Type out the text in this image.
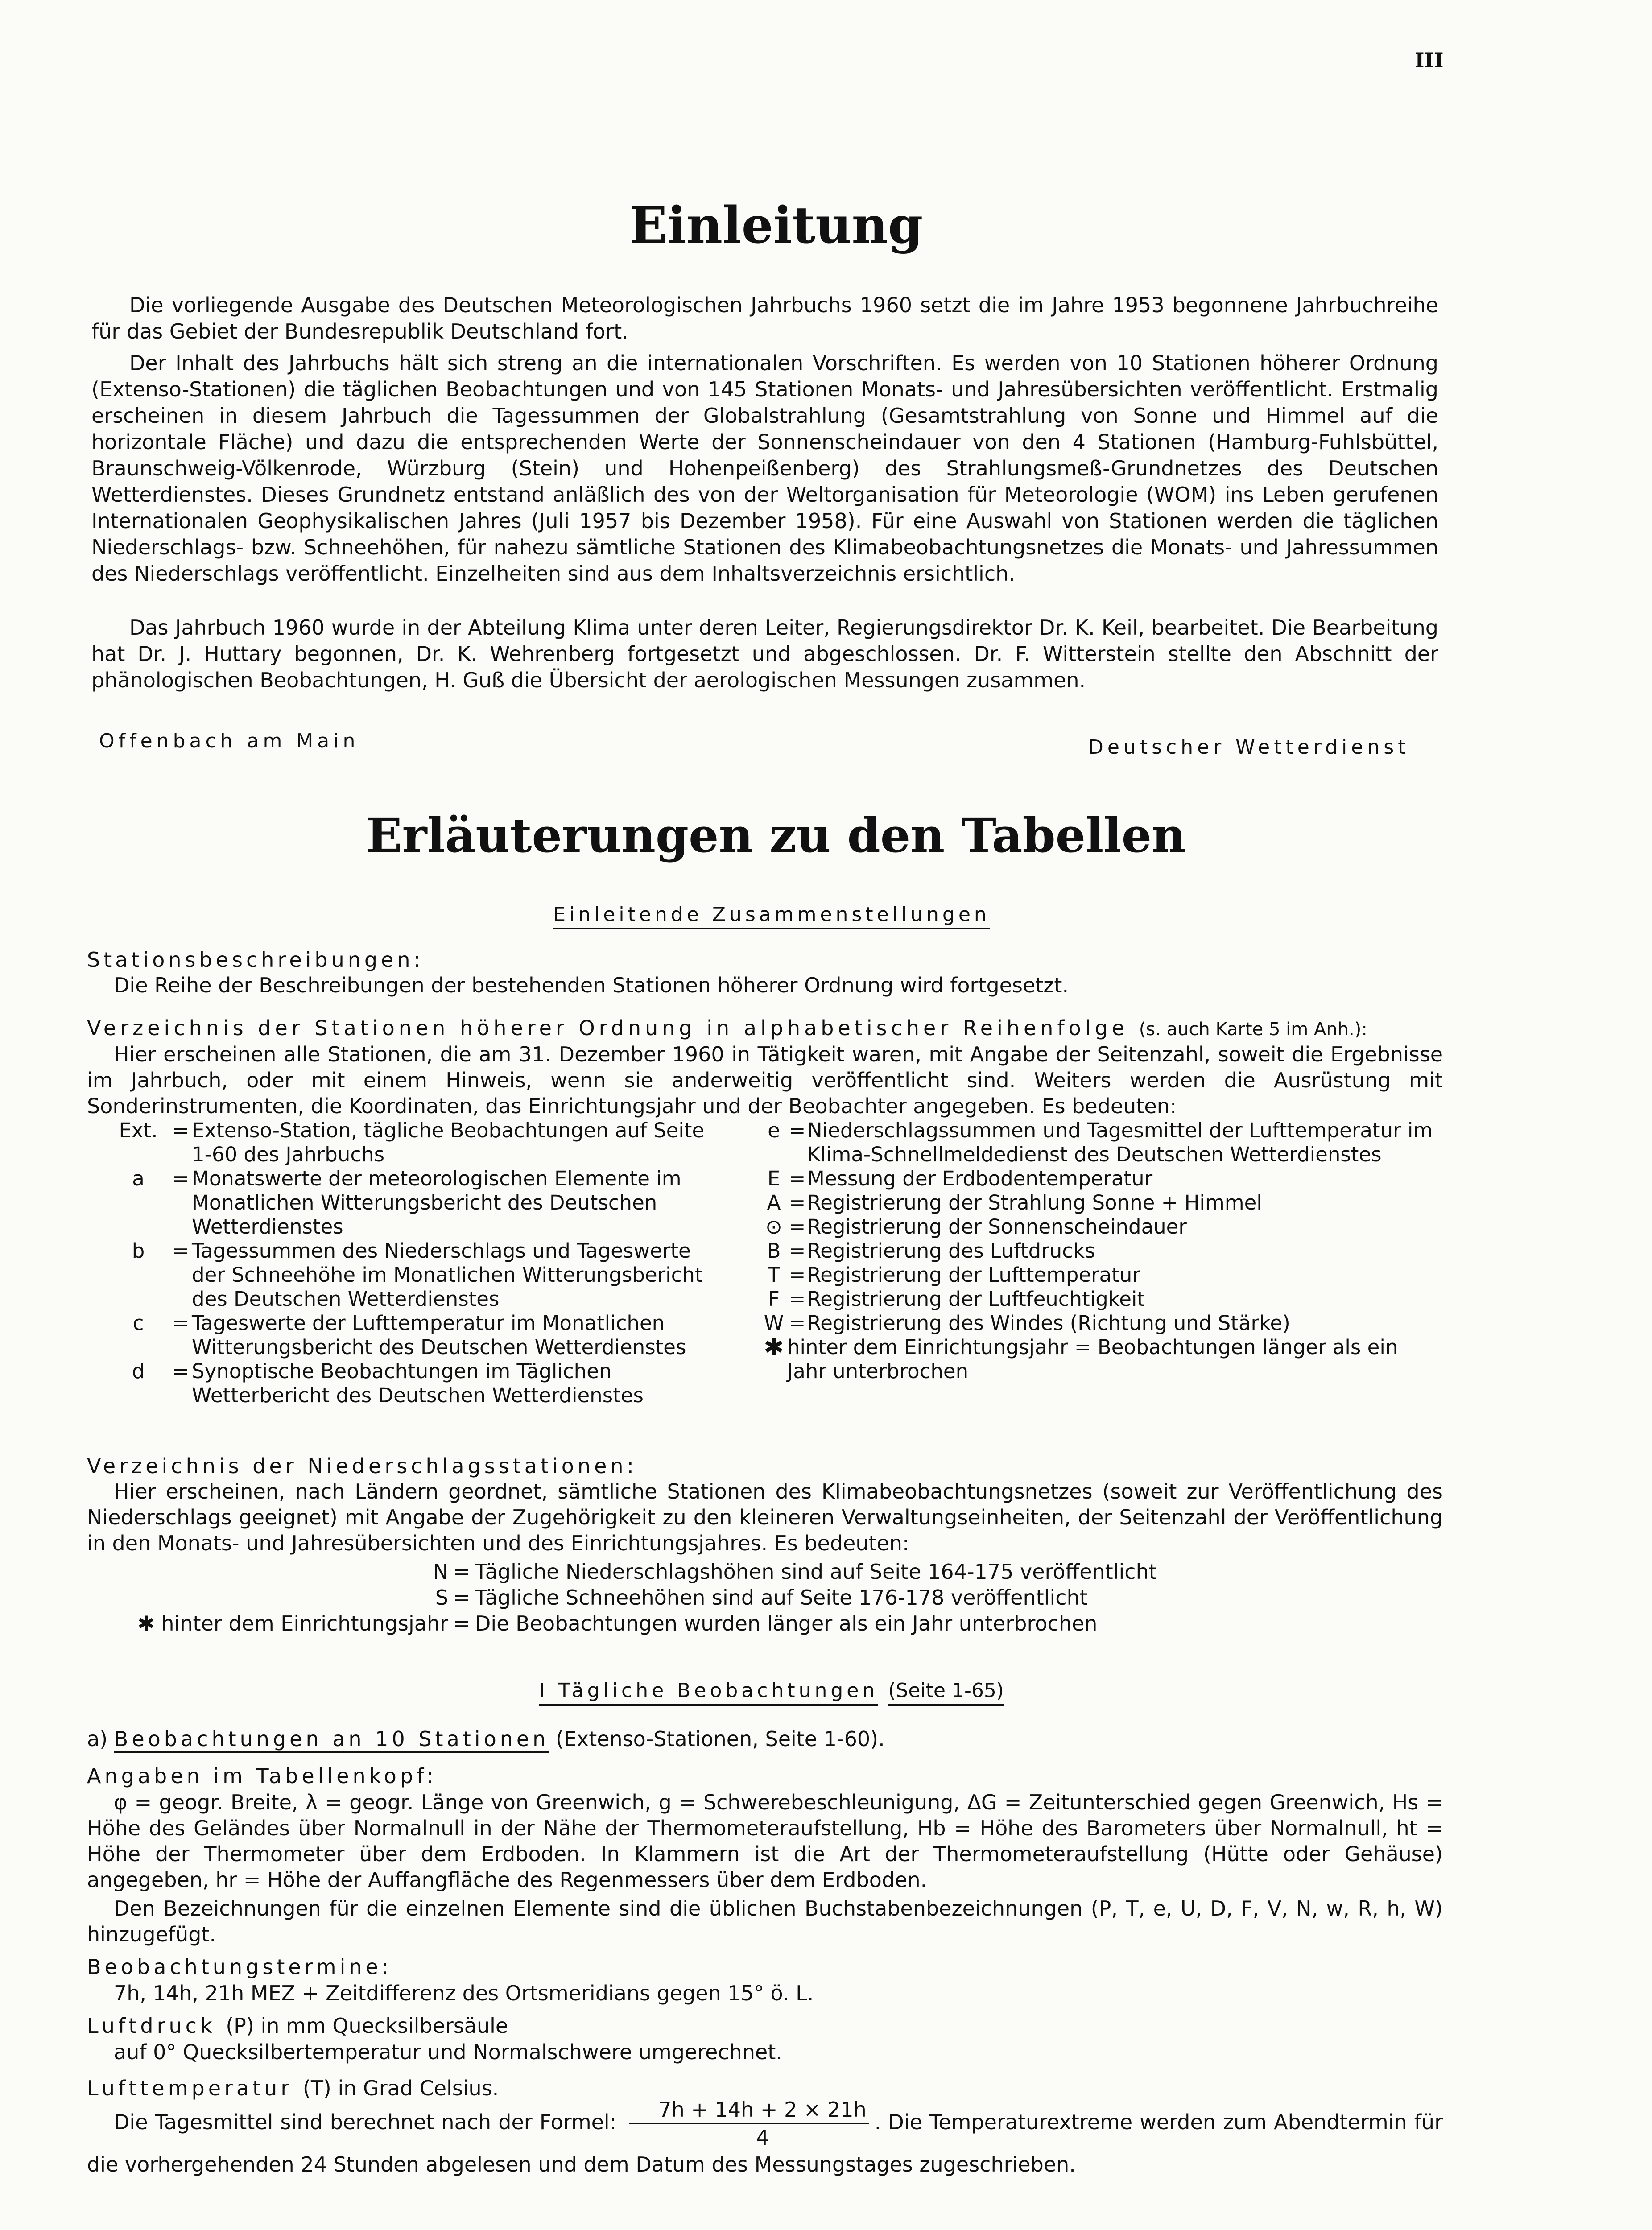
III
Einleitung
Die vorliegende Ausgabe des Deutschen Meteorologischen Jahrbuchs 1960 setzt die im Jahre 1953 begonnene Jahrbuchreihe für das Gebiet der Bundesrepublik Deutschland fort.
Der Inhalt des Jahrbuchs hält sich streng an die internationalen Vorschriften. Es werden von 10 Stationen höherer Ordnung (Extenso-Stationen) die täglichen Beobachtungen und von 145 Stationen Monats- und Jahresübersichten veröffentlicht. Erstmalig erscheinen in diesem Jahrbuch die Tagessummen der Globalstrahlung (Gesamtstrahlung von Sonne und Himmel auf die horizontale Fläche) und dazu die entsprechenden Werte der Sonnenscheindauer von den 4 Stationen (Hamburg-Fuhlsbüttel, Braunschweig-Völkenrode, Würzburg (Stein) und Hohenpeißenberg) des Strahlungsmeß-Grundnetzes des Deutschen Wetterdienstes. Dieses Grundnetz entstand anläßlich des von der Weltorganisation für Meteorologie (WOM) ins Leben gerufenen Internationalen Geophysikalischen Jahres (Juli 1957 bis Dezember 1958). Für eine Auswahl von Stationen werden die täglichen Niederschlags- bzw. Schneehöhen, für nahezu sämtliche Stationen des Klimabeobachtungsnetzes die Monats- und Jahressummen des Niederschlags veröffentlicht. Einzelheiten sind aus dem Inhaltsverzeichnis ersichtlich.
Das Jahrbuch 1960 wurde in der Abteilung Klima unter deren Leiter, Regierungsdirektor Dr. K. Keil, bearbeitet. Die Bearbeitung hat Dr. J. Huttary begonnen, Dr. K. Wehrenberg fortgesetzt und abgeschlossen. Dr. F. Witterstein stellte den Abschnitt der phänologischen Beobachtungen, H. Guß die Übersicht der aerologischen Messungen zusammen.
Offenbach am Main	Deutscher Wetterdienst
Erläuterungen zu den Tabellen
Einleitende Zusammenstellungen
Stationsbeschreibungen:
Die Reihe der Beschreibungen der bestehenden Stationen höherer Ordnung wird fortgesetzt.
Verzeichnis der Stationen höherer Ordnung in alphabetischer Reihenfolge (s. auch Karte 5 im Anh.):
Hier erscheinen alle Stationen, die am 31. Dezember 1960 in Tätigkeit waren, mit Angabe der Seitenzahl, soweit die Ergebnisse im Jahrbuch, oder mit einem Hinweis, wenn sie anderweitig veröffentlicht sind. Weiters werden die Ausrüstung mit Sonderinstrumenten, die Koordinaten, das Einrichtungsjahr und der Beobachter angegeben. Es bedeuten:
Ext. = Extenso-Station, tägliche Beobachtungen auf Seite 1-60 des Jahrbuchs
a	= Monatswerte der meteorologischen Elemente im Monatlichen Witterungsbericht des Deutschen Wetterdienstes
b	= Tagessummen des Niederschlags und Tageswerte der Schneehöhe im Monatlichen Witterungsbericht des Deutschen Wetterdienstes
c	= Tageswerte der Lufttemperatur im Monatlichen Witterungsbericht des Deutschen Wetterdienstes
d	= Synoptische Beobachtungen im Täglichen Wetterbericht des Deutschen Wetterdienstes
e = Niederschlagssummen und Tagesmittel der Lufttemperatur im Klima-Schnellmeldedienst des Deutschen Wetterdienstes
E = Messung der Erdbodentemperatur
A = Registrierung der Strahlung Sonne + Himmel
⊙ = Registrierung der Sonnenscheindauer
B = Registrierung des Luftdrucks
T = Registrierung der Lufttemperatur
F = Registrierung der Luftfeuchtigkeit
W = Registrierung des Windes (Richtung und Stärke)
✱ hinter dem Einrichtungsjahr = Beobachtungen länger als ein Jahr unterbrochen
Verzeichnis der Niederschlagsstationen:
Hier erscheinen, nach Ländern geordnet, sämtliche Stationen des Klimabeobachtungsnetzes (soweit zur Veröffentlichung des Niederschlags geeignet) mit Angabe der Zugehörigkeit zu den kleineren Verwaltungseinheiten, der Seitenzahl der Veröffentlichung in den Monats- und Jahresübersichten und des Einrichtungsjahres. Es bedeuten:
N = Tägliche Niederschlagshöhen sind auf Seite 164-175 veröffentlicht
S = Tägliche Schneehöhen sind auf Seite 176-178 veröffentlicht
✱ hinter dem Einrichtungsjahr = Die Beobachtungen wurden länger als ein Jahr unterbrochen
I Tägliche Beobachtungen (Seite 1-65)
a) Beobachtungen an 10 Stationen (Extenso-Stationen, Seite 1-60).
Angaben im Tabellenkopf:
φ = geogr. Breite, λ = geogr. Länge von Greenwich, g = Schwerebeschleunigung, ΔG = Zeitunterschied gegen Greenwich, Hs = Höhe des Geländes über Normalnull in der Nähe der Thermometeraufstellung, Hb = Höhe des Barometers über Normalnull, ht = Höhe der Thermometer über dem Erdboden. In Klammern ist die Art der Thermometeraufstellung (Hütte oder Gehäuse) angegeben, hr = Höhe der Auffangfläche des Regenmessers über dem Erdboden.
Den Bezeichnungen für die einzelnen Elemente sind die üblichen Buchstabenbezeichnungen (P, T, e, U, D, F, V, N, w, R, h, W) hinzugefügt.
Beobachtungstermine:
7h, 14h, 21h MEZ + Zeitdifferenz des Ortsmeridians gegen 15° ö. L.
Luftdruck (P) in mm Quecksilbersäule
auf 0° Quecksilbertemperatur und Normalschwere umgerechnet.
Lufttemperatur (T) in Grad Celsius.
Die Tagesmittel sind berechnet nach der Formel: $\frac{7h + 14h + 2 \times 21h}{4}$ . Die Temperaturextreme werden zum Abendtermin für die vorhergehenden 24 Stunden abgelesen und dem Datum des Messungstages zugeschrieben.
